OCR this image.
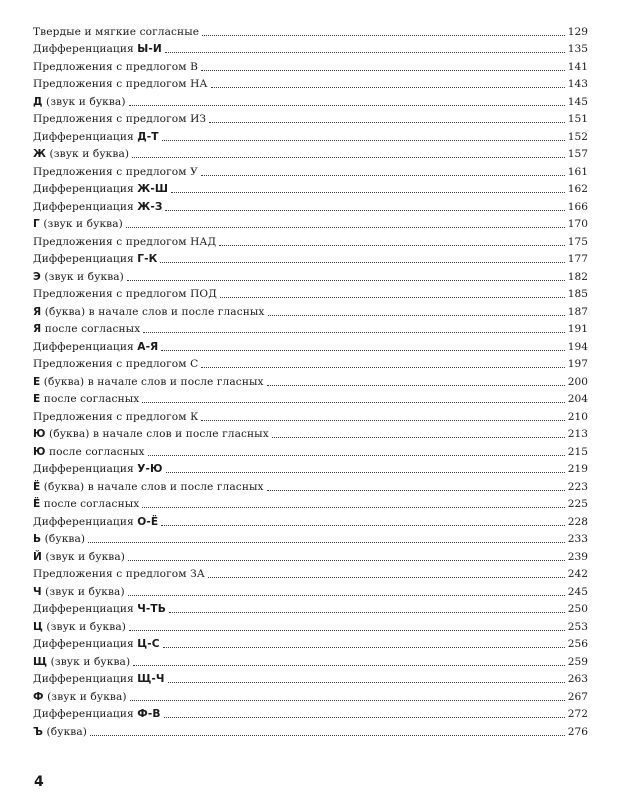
Твердые и мягкие согласные	129
Дифференциация Ы-И	135
Предложения с предлогом В	141
Предложения с предлогом НА	143
Д (звук и буква)	145
Предложения с предлогом ИЗ	151
Дифференциация Д-Т	152
Ж (звук и буква)	157
Предложения с предлогом У	161
Дифференциация Ж-Ш	162
Дифференциация Ж-З	166
Г (звук и буква)	170
Предложения с предлогом НАД	175
Дифференциация Г-К	177
Э (звук и буква)	182
Предложения с предлогом ПОД	185
Я (буква) в начале слов и после гласных	187
Я после согласных	191
Дифференциация А-Я	194
Предложения с предлогом С	197
Е (буква) в начале слов и после гласных	200
Е после согласных	204
Предложения с предлогом К	210
Ю (буква) в начале слов и после гласных	213
Ю после согласных	215
Дифференциация У-Ю	219
Ё (буква) в начале слов и после гласных	223
Ё после согласных	225
Дифференциация О-Ё	228
Ь (буква)	233
Й (звук и буква)	239
Предложения с предлогом ЗА	242
Ч (звук и буква)	245
Дифференциация Ч-ТЬ	250
Ц (звук и буква)	253
Дифференциация Ц-С	256
Щ (звук и буква)	259
Дифференциация Щ-Ч	263
Ф (звук и буква)	267
Дифференциация Ф-В	272
Ъ (буква)	276
4
